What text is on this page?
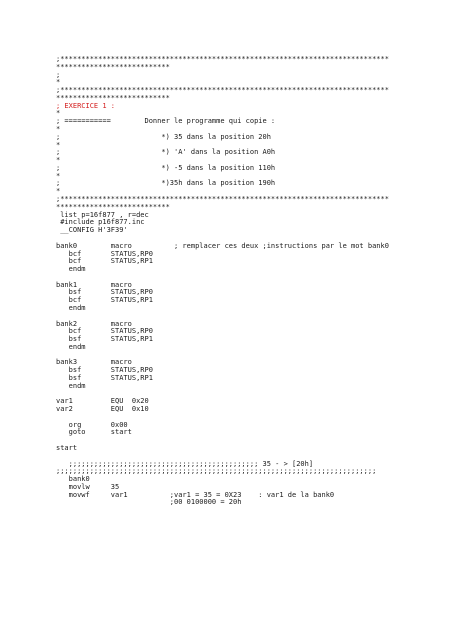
;******************************************************************************
***************************
;
*
;******************************************************************************
***************************
; EXERCICE 1 :
*
; ===========        Donner le programme qui copie :
*
;                        *) 35 dans la position 20h
*
;                        *) 'A' dans la position A0h
*
;                        *) -5 dans la position 110h
*
;                        *)35h dans la position 190h
*
;******************************************************************************
***************************
list p=16f877 , r=dec
#include p16f877.inc
__CONFIG H'3F39'
bank0        macro          ; remplacer ces deux ;instructions par le mot bank0
bcf       STATUS,RP0
bcf       STATUS,RP1
endm
bank1        macro
bsf       STATUS,RP0
bcf       STATUS,RP1
endm
bank2        macro
bcf       STATUS,RP0
bsf       STATUS,RP1
endm
bank3        macro
bsf       STATUS,RP0
bsf       STATUS,RP1
endm
var1         EQU  0x20
var2         EQU  0x10
org       0x00
goto      start
start
;;;;;;;;;;;;;;;;;;;;;;;;;;;;;;;;;;;;;;;;;;;;; 35 - > [20h]
;;;;;;;;;;;;;;;;;;;;;;;;;;;;;;;;;;;;;;;;;;;;;;;;;;;;;;;;;;;;;;;;;;;;;;;;;;;;
bank0
movlw     35
movwf     var1          ;var1 = 35 = 0X23    : var1 de la bank0
;00 0100000 = 20h
